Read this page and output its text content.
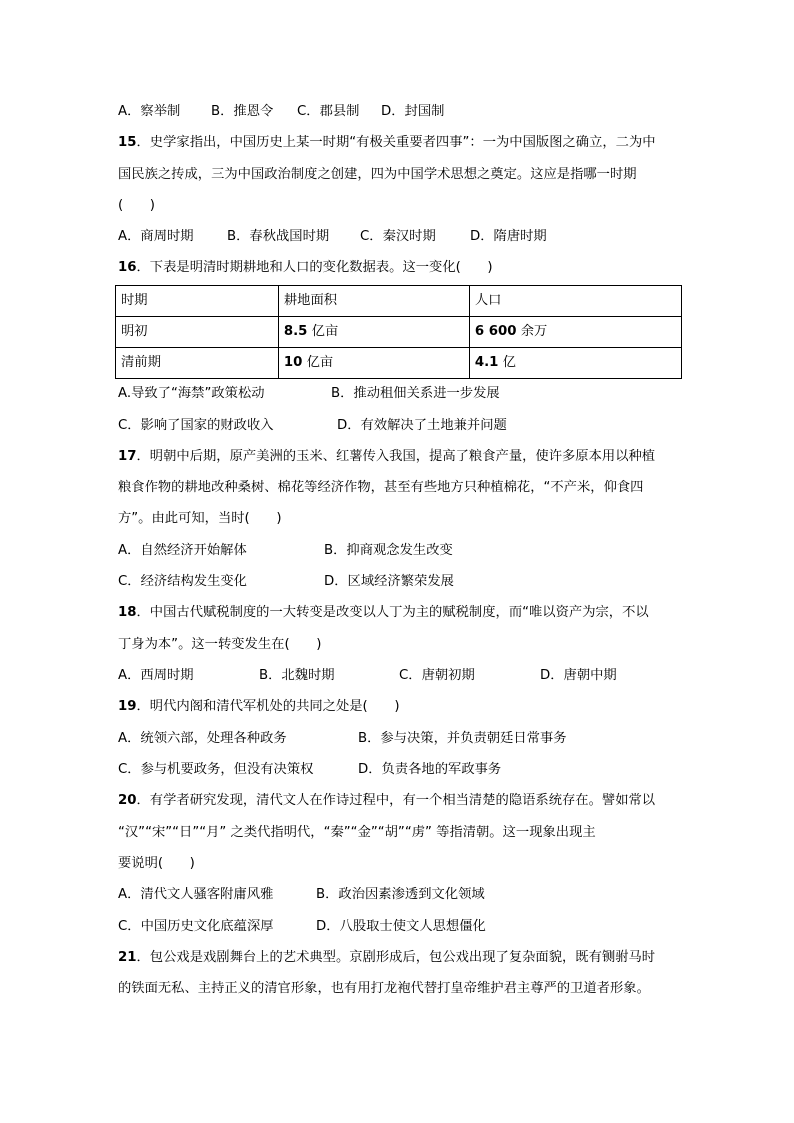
A．察举制 B．推恩令 C．郡县制 D．封国制
15．史学家指出，中国历史上某一时期“有极关重要者四事”：一为中国版图之确立，二为中
国民族之抟成，三为中国政治制度之创建，四为中国学术思想之奠定。这应是指哪一时期
(　　)
A．商周时期	B．春秋战国时期 C．秦汉时期	D．隋唐时期
16．下表是明清时期耕地和人口的变化数据表。这一变化(　　)
时期	耕地面积	人口
明初	8.5 亿亩	6 600 余万
清前期	10 亿亩	4.1 亿
A.导致了“海禁”政策松动	B．推动租佃关系进一步发展
C．影响了国家的财政收入	D．有效解决了土地兼并问题
17．明朝中后期，原产美洲的玉米、红薯传入我国，提高了粮食产量，使许多原本用以种植
粮食作物的耕地改种桑树、棉花等经济作物，甚至有些地方只种植棉花，“不产米，仰食四
方”。由此可知，当时(　　)
A．自然经济开始解体	B．抑商观念发生改变
C．经济结构发生变化	D．区域经济繁荣发展
18．中国古代赋税制度的一大转变是改变以人丁为主的赋税制度，而“唯以资产为宗，不以
丁身为本”。这一转变发生在(　　)
A．西周时期	B．北魏时期	C．唐朝初期	D．唐朝中期
19．明代内阁和清代军机处的共同之处是(　　)
A．统领六部，处理各种政务	B．参与决策，并负责朝廷日常事务
C．参与机要政务，但没有决策权	D．负责各地的军政事务
20．有学者研究发现，清代文人在作诗过程中，有一个相当清楚的隐语系统存在。譬如常以
“汉”“宋”“日”“月” 之类代指明代，“秦”“金”“胡”“虏” 等指清朝。这一现象出现主
要说明(　　)
A．清代文人骚客附庸风雅	B．政治因素渗透到文化领域
C．中国历史文化底蕴深厚	D．八股取士使文人思想僵化
21．包公戏是戏剧舞台上的艺术典型。京剧形成后，包公戏出现了复杂面貌，既有铡驸马时
的铁面无私、主持正义的清官形象，也有用打龙袍代替打皇帝维护君主尊严的卫道者形象。
